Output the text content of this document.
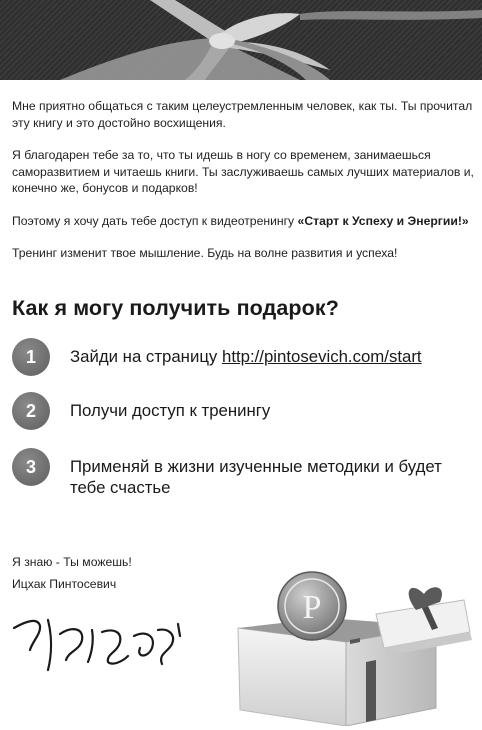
Мне приятно общаться с таким целеустремленным человек, как ты. Ты прочитал эту книгу и это достойно восхищения.

Я благодарен тебе за то, что ты идешь в ногу со временем, занимаешься саморазвитием и читаешь книги. Ты заслуживаешь самых лучших материалов и, конечно же, бонусов и подарков!

Поэтому я хочу дать тебе доступ к видеотренингу «Старт к Успеху и Энергии!»

Тренинг изменит твое мышление. Будь на волне развития и успеха!

Как я могу получить подарок?
1	Зайди на страницу http://pintosevich.com/start
2	Получи доступ к тренингу
3	Применяй в жизни изученные методики и будет тебе счастье
Я знаю - Ты можешь!
Ицхак Пинтосевич
P
